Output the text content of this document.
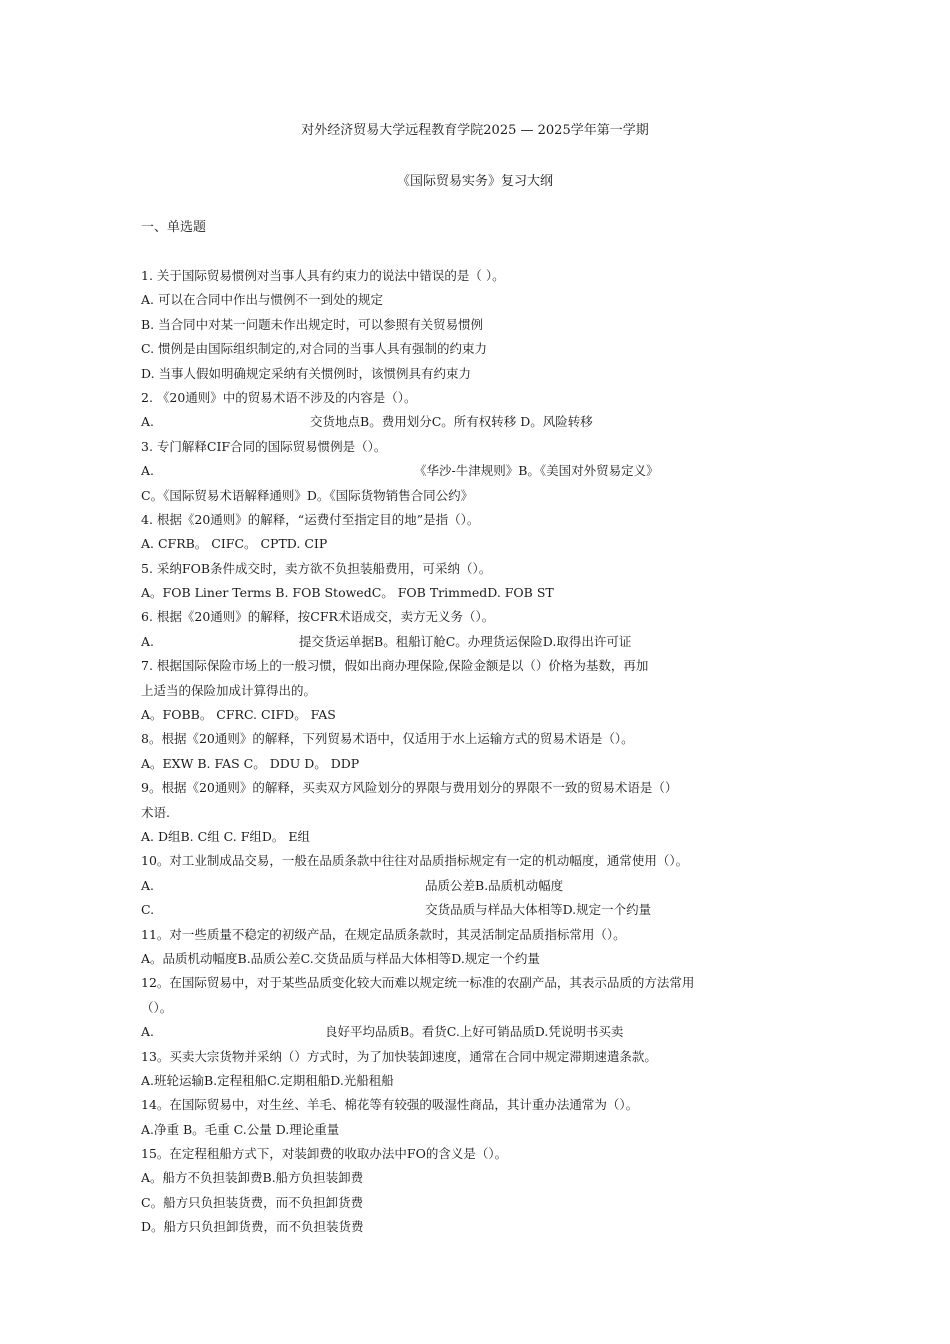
对外经济贸易大学远程教育学院2025 — 2025学年第一学期
《国际贸易实务》复习大纲
一、单选题
1. 关于国际贸易惯例对当事人具有约束力的说法中错误的是（ ）。
A. 可以在合同中作出与惯例不一到处的规定
B. 当合同中对某一问题未作出规定时，可以参照有关贸易惯例
C. 惯例是由国际组织制定的,对合同的当事人具有强制的约束力
D. 当事人假如明确规定采纳有关惯例时，该惯例具有约束力
2. 《20通则》中的贸易术语不涉及的内容是（）。
A.	交货地点B。费用划分C。所有权转移 D。风险转移
3. 专门解释CIF合同的国际贸易惯例是（）。
A.	《华沙-牛津规则》B。《美国对外贸易定义》
C。《国际贸易术语解释通则》D。《国际货物销售合同公约》
4. 根据《20通则》的解释，“运费付至指定目的地”是指（）。
A. CFRB。 CIFC。 CPTD. CIP
5. 采纳FOB条件成交时，卖方欲不负担装船费用，可采纳（）。
A。FOB Liner Terms B. FOB StowedC。 FOB TrimmedD. FOB ST
6. 根据《20通则》的解释，按CFR术语成交，卖方无义务（）。
A.	提交货运单据B。租船订舱C。办理货运保险D.取得出许可证
7. 根据国际保险市场上的一般习惯，假如出商办理保险,保险金额是以（）价格为基数，再加
上适当的保险加成计算得出的。
A。FOBB。 CFRC. CIFD。 FAS
8。根据《20通则》的解释，下列贸易术语中，仅适用于水上运输方式的贸易术语是（）。
A。EXW B. FAS C。 DDU D。 DDP
9。根据《20通则》的解释，买卖双方风险划分的界限与费用划分的界限不一致的贸易术语是（）
术语.
A. D组B. C组 C. F组D。 E组
10。对工业制成品交易，一般在品质条款中往往对品质指标规定有一定的机动幅度，通常使用（）。
A.	品质公差B.品质机动幅度
C.	交货品质与样品大体相等D.规定一个约量
11。对一些质量不稳定的初级产品，在规定品质条款时，其灵活制定品质指标常用（）。
A。品质机动幅度B.品质公差C.交货品质与样品大体相等D.规定一个约量
12。在国际贸易中，对于某些品质变化较大而难以规定统一标准的农副产品，其表示品质的方法常用
（）。
A.	良好平均品质B。看货C.上好可销品质D.凭说明书买卖
13。买卖大宗货物并采纳（）方式时，为了加快装卸速度，通常在合同中规定滞期速遣条款。
A.班轮运输B.定程租船C.定期租船D.光船租船
14。在国际贸易中，对生丝、羊毛、棉花等有较强的吸湿性商品，其计重办法通常为（）。
A.净重 B。毛重 C.公量 D.理论重量
15。在定程租船方式下，对装卸费的收取办法中FO的含义是（）。
A。船方不负担装卸费B.船方负担装卸费
C。船方只负担装货费，而不负担卸货费
D。船方只负担卸货费，而不负担装货费
